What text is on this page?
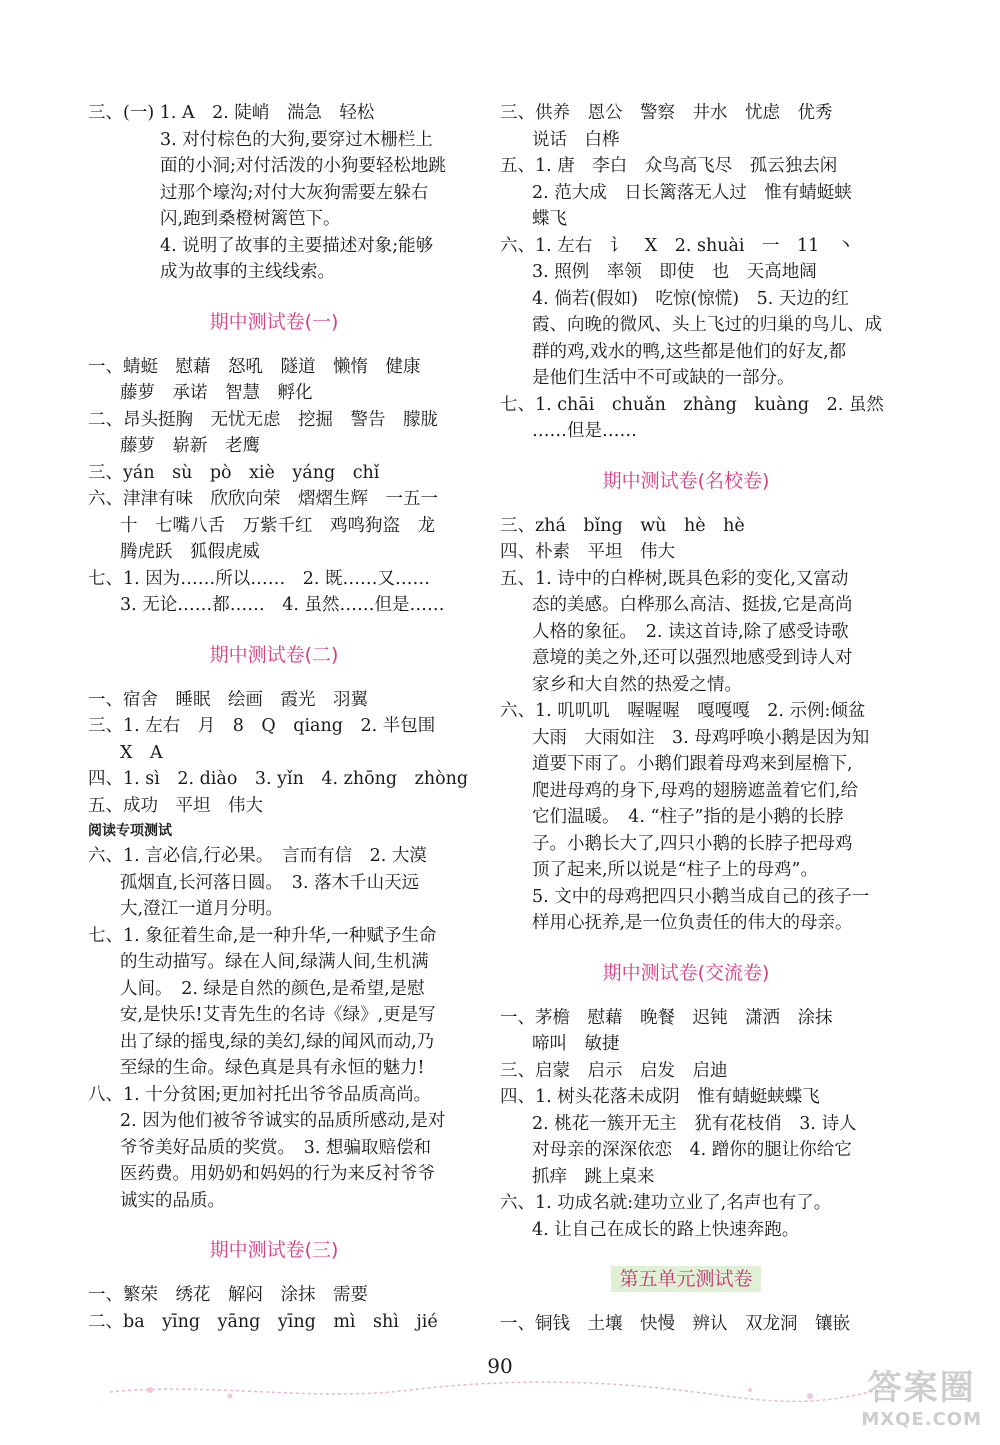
三、(一) 1. A　2. 陡峭　湍急　轻松
3. 对付棕色的大狗,要穿过木栅栏上
面的小洞;对付活泼的小狗要轻松地跳
过那个壕沟;对付大灰狗需要左躲右
闪,跑到桑橙树篱笆下。
4. 说明了故事的主要描述对象;能够
成为故事的主线线索。
期中测试卷(一)
一、蜻蜓　慰藉　怒吼　隧道　懒惰　健康
藤萝　承诺　智慧　孵化
二、昂头挺胸　无忧无虑　挖掘　警告　朦胧
藤萝　崭新　老鹰
三、yán　sù　pò　xiè　yáng　chǐ
六、津津有味　欣欣向荣　熠熠生辉　一五一
十　七嘴八舌　万紫千红　鸡鸣狗盗　龙
腾虎跃　狐假虎威
七、1. 因为……所以……　2. 既……又……
3. 无论……都……　4. 虽然……但是……
期中测试卷(二)
一、宿舍　睡眠　绘画　霞光　羽翼
三、1. 左右　月　8　Q　qiang　2. 半包围
X　A
四、1. sì　2. diào　3. yǐn　4. zhōng　zhòng
五、成功　平坦　伟大
阅读专项测试
六、1. 言必信,行必果。　言而有信　2. 大漠
孤烟直,长河落日圆。　3. 落木千山天远
大,澄江一道月分明。
七、1. 象征着生命,是一种升华,一种赋予生命
的生动描写。绿在人间,绿满人间,生机满
人间。　2. 绿是自然的颜色,是希望,是慰
安,是快乐!艾青先生的名诗《绿》,更是写
出了绿的摇曳,绿的美幻,绿的闻风而动,乃
至绿的生命。绿色真是具有永恒的魅力!
八、1. 十分贫困;更加衬托出爷爷品质高尚。
2. 因为他们被爷爷诚实的品质所感动,是对
爷爷美好品质的奖赏。　3. 想骗取赔偿和
医药费。用奶奶和妈妈的行为来反衬爷爷
诚实的品质。
期中测试卷(三)
一、繁荣　绣花　解闷　涂抹　需要
二、ba　yīng　yāng　yīng　mì　shì　jié
三、供养　恩公　警察　井水　忧虑　优秀
说话　白桦
五、1. 唐　李白　众鸟高飞尽　孤云独去闲
2. 范大成　日长篱落无人过　惟有蜻蜓蛱
蝶飞
六、1. 左右　讠　X　2. shuài　一　11　丶
3. 照例　率领　即使　也　天高地阔
4. 倘若(假如)　吃惊(惊慌)　5. 天边的红
霞、向晚的微风、头上飞过的归巢的鸟儿、成
群的鸡,戏水的鸭,这些都是他们的好友,都
是他们生活中不可或缺的一部分。
七、1. chāi　chuǎn　zhàng　kuàng　2. 虽然
……但是……
期中测试卷(名校卷)
三、zhá　bǐng　wù　hè　hè
四、朴素　平坦　伟大
五、1. 诗中的白桦树,既具色彩的变化,又富动
态的美感。白桦那么高洁、挺拔,它是高尚
人格的象征。　2. 读这首诗,除了感受诗歌
意境的美之外,还可以强烈地感受到诗人对
家乡和大自然的热爱之情。
六、1. 叽叽叽　喔喔喔　嘎嘎嘎　2. 示例:倾盆
大雨　大雨如注　3. 母鸡呼唤小鹅是因为知
道要下雨了。小鹅们跟着母鸡来到屋檐下,
爬进母鸡的身下,母鸡的翅膀遮盖着它们,给
它们温暖。　4. “柱子”指的是小鹅的长脖
子。小鹅长大了,四只小鹅的长脖子把母鸡
顶了起来,所以说是“柱子上的母鸡”。
5. 文中的母鸡把四只小鹅当成自己的孩子一
样用心抚养,是一位负责任的伟大的母亲。
期中测试卷(交流卷)
一、茅檐　慰藉　晚餐　迟钝　潇洒　涂抹
啼叫　敏捷
三、启蒙　启示　启发　启迪
四、1. 树头花落未成阴　惟有蜻蜓蛱蝶飞
2. 桃花一簇开无主　犹有花枝俏　3. 诗人
对母亲的深深依恋　4. 蹭你的腿让你给它
抓痒　跳上桌来
六、1. 功成名就:建功立业了,名声也有了。
4. 让自己在成长的路上快速奔跑。
第五单元测试卷
一、铜钱　土壤　快慢　辨认　双龙洞　镶嵌
90
答案圈
MXQE.COM
